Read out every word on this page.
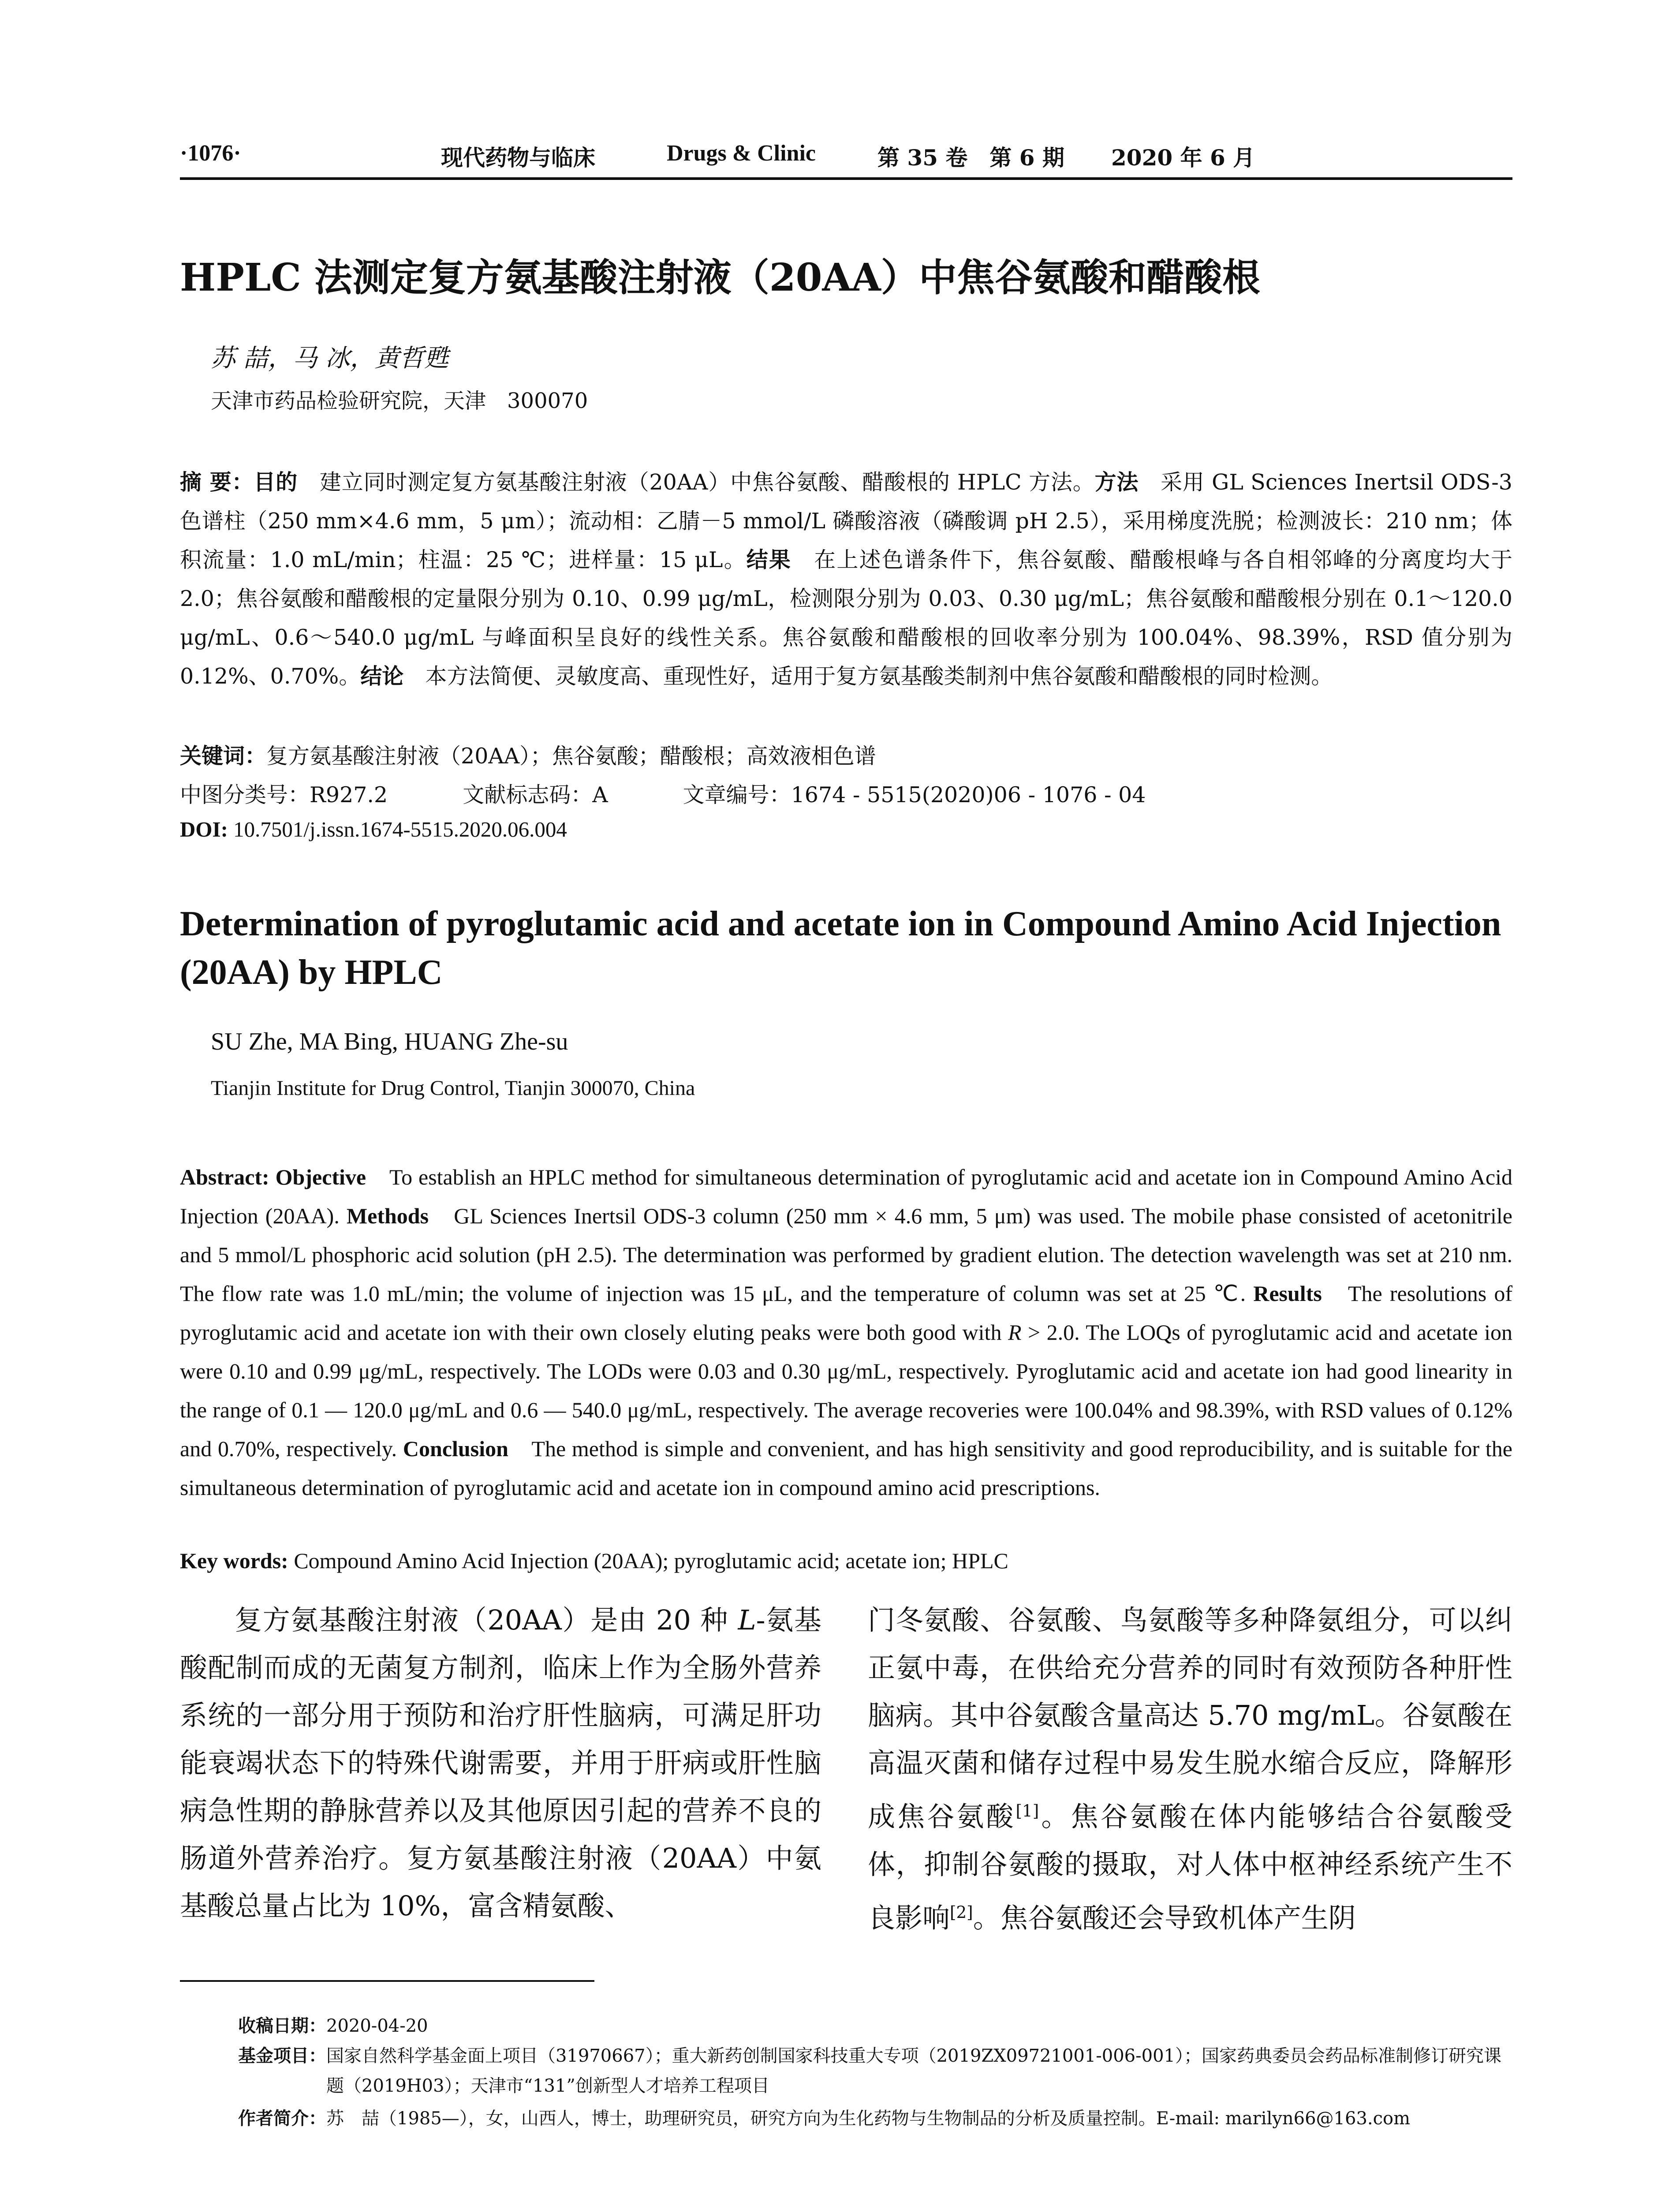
·1076·	现代药物与临床	Drugs & Clinic	第 35 卷　第 6 期 2020 年 6 月
HPLC 法测定复方氨基酸注射液（20AA）中焦谷氨酸和醋酸根
苏 喆，马 冰，黄哲甦
天津市药品检验研究院，天津　300070
摘 要：目的　建立同时测定复方氨基酸注射液（20AA）中焦谷氨酸、醋酸根的 HPLC 方法。方法　采用 GL Sciences Inertsil ODS-3 色谱柱（250 mm×4.6 mm，5 μm）；流动相：乙腈－5 mmol/L 磷酸溶液（磷酸调 pH 2.5），采用梯度洗脱；检测波长：210 nm；体积流量：1.0 mL/min；柱温：25 ℃；进样量：15 μL。结果　在上述色谱条件下，焦谷氨酸、醋酸根峰与各自相邻峰的分离度均大于 2.0；焦谷氨酸和醋酸根的定量限分别为 0.10、0.99 μg/mL，检测限分别为 0.03、0.30 μg/mL；焦谷氨酸和醋酸根分别在 0.1～120.0 μg/mL、0.6～540.0 μg/mL 与峰面积呈良好的线性关系。焦谷氨酸和醋酸根的回收率分别为 100.04%、98.39%，RSD 值分别为 0.12%、0.70%。结论　本方法简便、灵敏度高、重现性好，适用于复方氨基酸类制剂中焦谷氨酸和醋酸根的同时检测。
关键词：复方氨基酸注射液（20AA）；焦谷氨酸；醋酸根；高效液相色谱
中图分类号：R927.2	文献标志码：A	文章编号：1674 - 5515(2020)06 - 1076 - 04
DOI: 10.7501/j.issn.1674-5515.2020.06.004
Determination of pyroglutamic acid and acetate ion in Compound Amino Acid Injection (20AA) by HPLC
SU Zhe, MA Bing, HUANG Zhe-su
Tianjin Institute for Drug Control, Tianjin 300070, China
Abstract: Objective　To establish an HPLC method for simultaneous determination of pyroglutamic acid and acetate ion in Compound Amino Acid Injection (20AA). Methods　GL Sciences Inertsil ODS-3 column (250 mm × 4.6 mm, 5 μm) was used. The mobile phase consisted of acetonitrile and 5 mmol/L phosphoric acid solution (pH 2.5). The determination was performed by gradient elution. The detection wavelength was set at 210 nm. The flow rate was 1.0 mL/min; the volume of injection was 15 μL, and the temperature of column was set at 25 ℃. Results　The resolutions of pyroglutamic acid and acetate ion with their own closely eluting peaks were both good with R > 2.0. The LOQs of pyroglutamic acid and acetate ion were 0.10 and 0.99 μg/mL, respectively. The LODs were 0.03 and 0.30 μg/mL, respectively. Pyroglutamic acid and acetate ion had good linearity in the range of 0.1 — 120.0 μg/mL and 0.6 — 540.0 μg/mL, respectively. The average recoveries were 100.04% and 98.39%, with RSD values of 0.12% and 0.70%, respectively. Conclusion　The method is simple and convenient, and has high sensitivity and good reproducibility, and is suitable for the simultaneous determination of pyroglutamic acid and acetate ion in compound amino acid prescriptions.
Key words: Compound Amino Acid Injection (20AA); pyroglutamic acid; acetate ion; HPLC
复方氨基酸注射液（20AA）是由 20 种 L-氨基酸配制而成的无菌复方制剂，临床上作为全肠外营养系统的一部分用于预防和治疗肝性脑病，可满足肝功能衰竭状态下的特殊代谢需要，并用于肝病或肝性脑病急性期的静脉营养以及其他原因引起的营养不良的肠道外营养治疗。复方氨基酸注射液（20AA）中氨基酸总量占比为 10%，富含精氨酸、
门冬氨酸、谷氨酸、鸟氨酸等多种降氨组分，可以纠正氨中毒，在供给充分营养的同时有效预防各种肝性脑病。其中谷氨酸含量高达 5.70 mg/mL。谷氨酸在高温灭菌和储存过程中易发生脱水缩合反应，降解形成焦谷氨酸[1]。焦谷氨酸在体内能够结合谷氨酸受体，抑制谷氨酸的摄取，对人体中枢神经系统产生不良影响[2]。焦谷氨酸还会导致机体产生阴
收稿日期：2020-04-20
基金项目： 国家自然科学基金面上项目（31970667）；重大新药创制国家科技重大专项（2019ZX09721001-006-001）；国家药典委员会药品标准制修订研究课题（2019H03）；天津市“131”创新型人才培养工程项目
作者简介：苏　喆（1985—），女，山西人，博士，助理研究员，研究方向为生化药物与生物制品的分析及质量控制。E-mail: marilyn66@163.com
